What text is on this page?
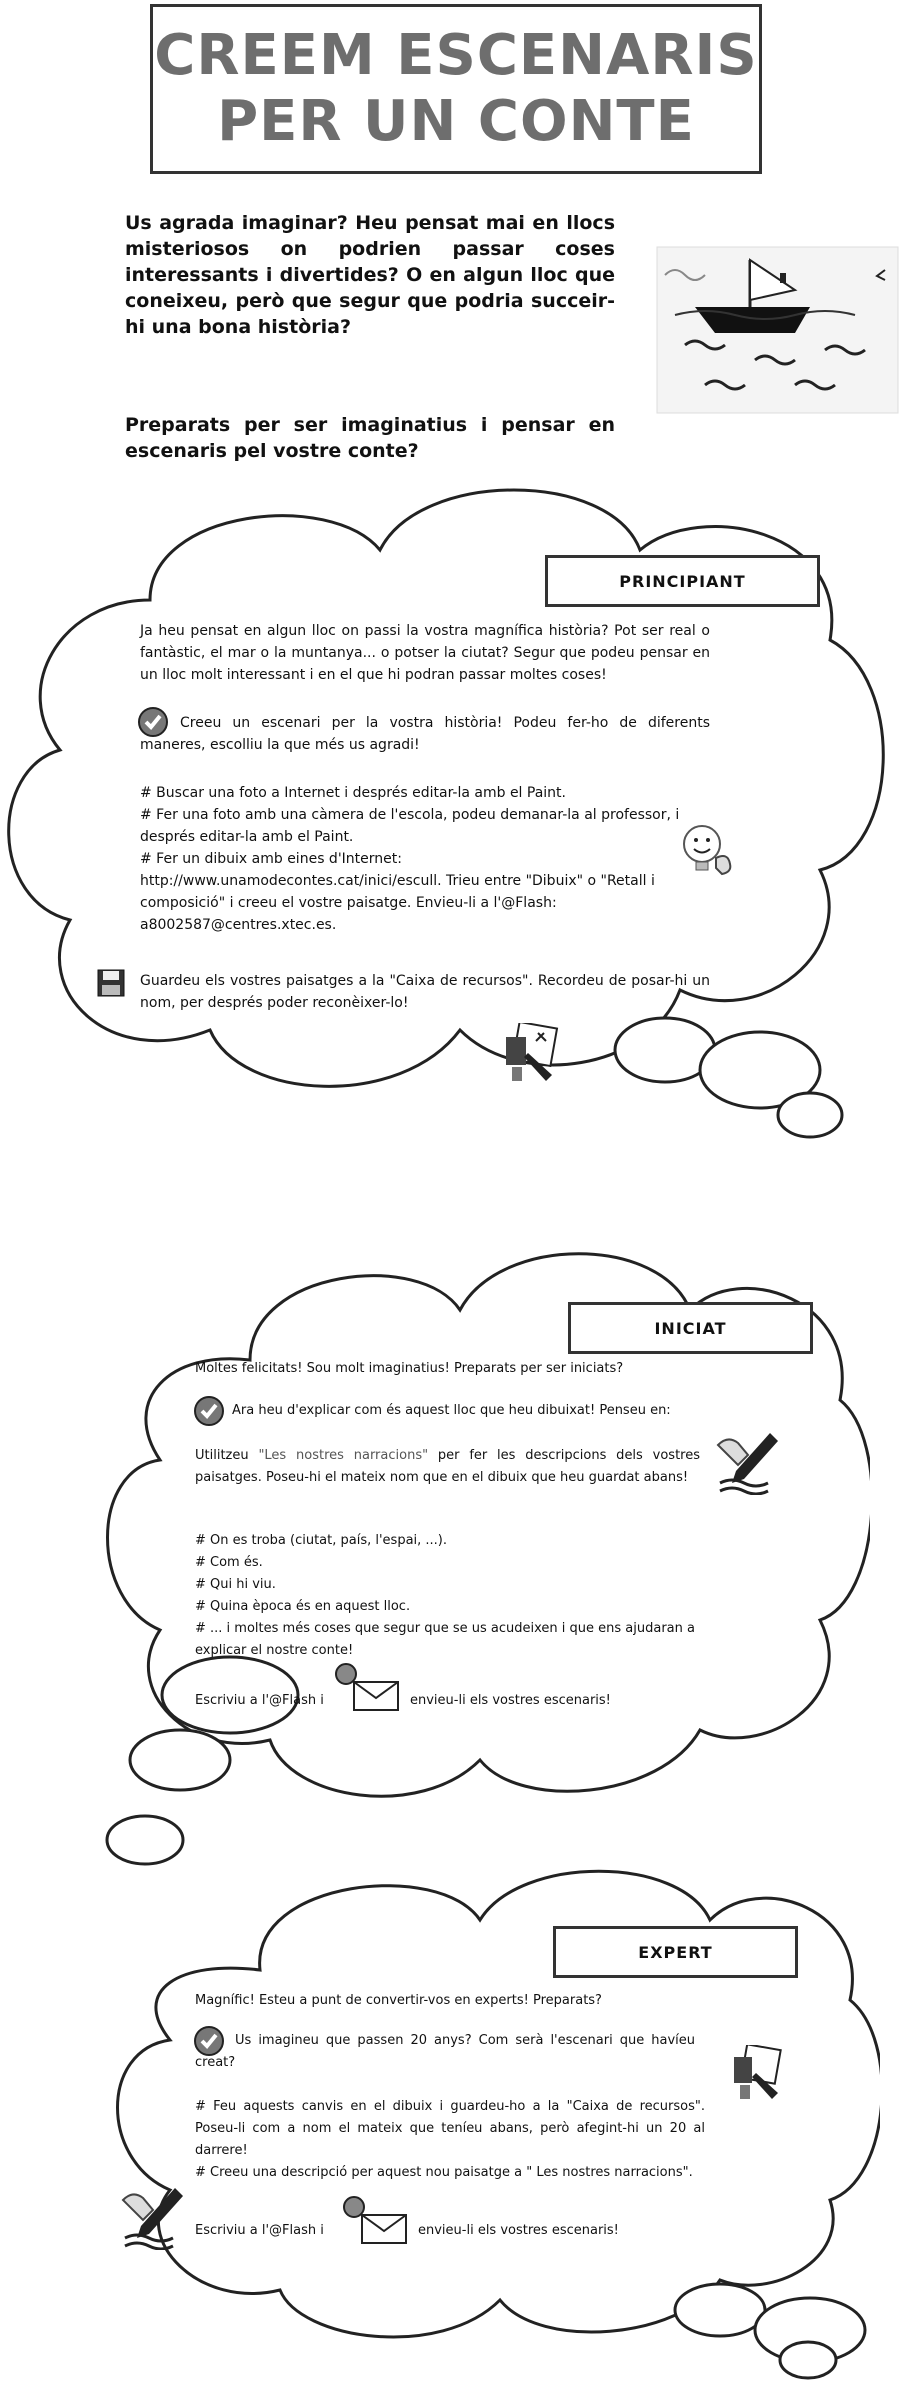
CREEM ESCENARIS
PER UN CONTE
Us agrada imaginar? Heu pensat mai en llocs misteriosos on podrien passar coses interessants i divertides? O en algun lloc que coneixeu, però que segur que podria succeir-hi una bona història?
Preparats per ser imaginatius i pensar en escenaris pel vostre conte?
PRINCIPIANT

Ja heu pensat en algun lloc on passi la vostra magnífica història? Pot ser real o fantàstic, el mar o la muntanya... o potser la ciutat? Segur que podeu pensar en un lloc molt interessant i en el que hi podran passar moltes coses!

Creeu un escenari per la vostra història! Podeu fer-ho de diferents maneres, escolliu la que més us agradi!

# Buscar una foto a Internet i després editar-la amb el Paint.

# Fer una foto amb una càmera de l'escola, podeu demanar-la al professor, i després editar-la amb el Paint.

# Fer un dibuix amb eines d'Internet:

http://www.unamodecontes.cat/inici/escull. Trieu entre "Dibuix" o "Retall i composició" i creeu el vostre paisatge. Envieu-li a l'@Flash: a8002587@centres.xtec.es.

Guardeu els vostres paisatges a la "Caixa de recursos". Recordeu de posar-hi un nom, per després poder reconèixer-lo!
INICIAT
Moltes felicitats! Sou molt imaginatius! Preparats per ser iniciats?
Ara heu d'explicar com és aquest lloc que heu dibuixat! Penseu en:
Utilitzeu "Les nostres narracions" per fer les descripcions dels vostres paisatges. Poseu-hi el mateix nom que en el dibuix que heu guardat abans!

# On es troba (ciutat, país, l'espai, ...).

# Com és.

# Qui hi viu.

# Quina època és en aquest lloc.

# ... i moltes més coses que segur que se us acudeixen i que ens ajudaran a explicar el nostre conte!

Escriviu a l'@Flash i	envieu-li els vostres escenaris!
EXPERT
Magnífic! Esteu a punt de convertir-vos en experts! Preparats?
Us imagineu que passen 20 anys? Com serà l'escenari que havíeu creat?

# Feu aquests canvis en el dibuix i guardeu-ho a la "Caixa de recursos". Poseu-li com a nom el mateix que teníeu abans, però afegint-hi un 20 al darrere!

# Creeu una descripció per aquest nou paisatge a " Les nostres narracions".

Escriviu a l'@Flash i	envieu-li els vostres escenaris!
